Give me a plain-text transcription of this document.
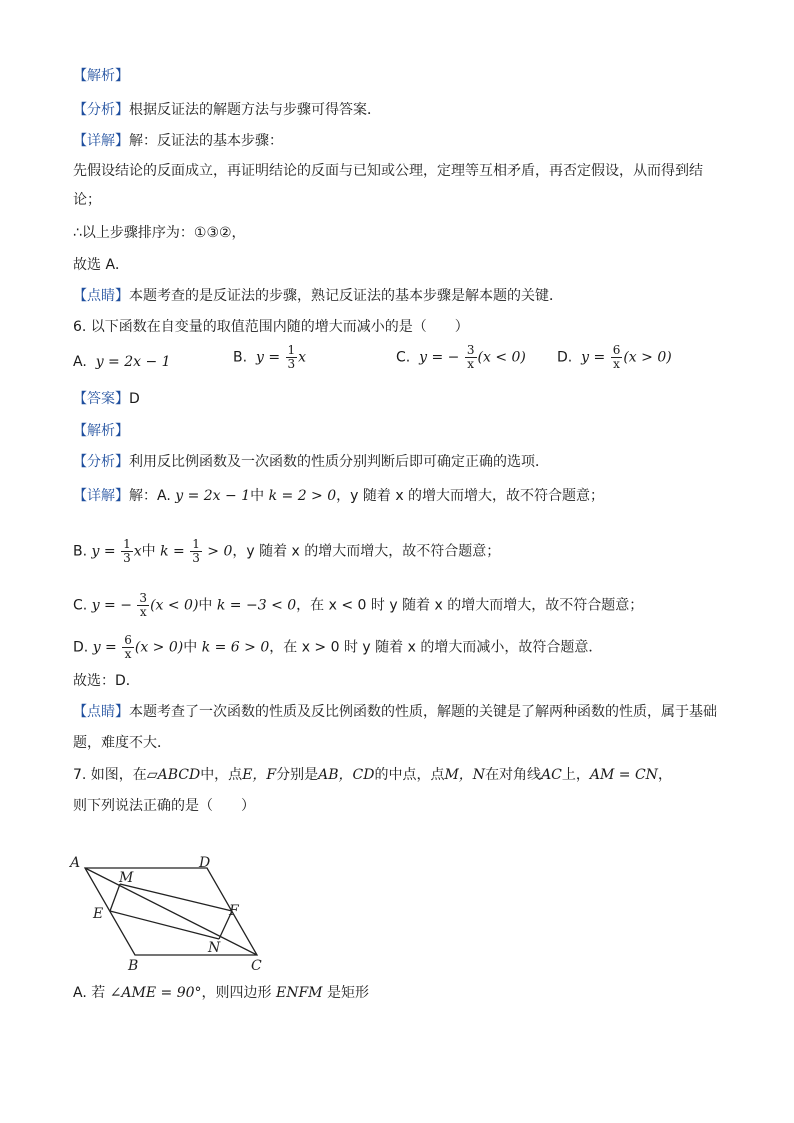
【解析】
【分析】根据反证法的解题方法与步骤可得答案．
【详解】解：反证法的基本步骤：
先假设结论的反面成立，再证明结论的反面与已知或公理，定理等互相矛盾，再否定假设，从而得到结
论；
∴以上步骤排序为：①③②，
故选 A．
【点睛】本题考查的是反证法的步骤，熟记反证法的基本步骤是解本题的关键．
6. 以下函数在自变量的取值范围内随的增大而减小的是（　　）
A. y = 2x − 1	B. $y = \frac{1}{3}$ x	C. y = − $\frac{3}{x} (x < 0)$ D. $y = \frac{6}{x} (x > 0)$
【答案】D
【解析】
【分析】利用反比例函数及一次函数的性质分别判断后即可确定正确的选项．
【详解】解：A. y = 2x − 1中 k = 2 > 0，y 随着 x 的增大而增大，故不符合题意；
B. $y = \frac{1}{3}$ x中 $k = \frac{1}{3} > 0$，y 随着 x 的增大而增大，故不符合题意；
C. y = − $\frac{3}{x} (x < 0)$中 k = −3 < 0，在 x < 0 时 y 随着 x 的增大而增大，故不符合题意；
D. $y = \frac{6}{x} (x > 0)$中 k = 6 > 0，在 x > 0 时 y 随着 x 的增大而减小，故符合题意．
故选：D．
【点睛】本题考查了一次函数的性质及反比例函数的性质，解题的关键是了解两种函数的性质，属于基础
题，难度不大．
7. 如图，在▱ABCD中，点E，F分别是AB，CD的中点，点M，N在对角线AC上，AM = CN，
则下列说法正确的是（　　）
A	D
M
E	F
N
B	C
A. 若 ∠AME = 90°，则四边形 ENFM 是矩形
